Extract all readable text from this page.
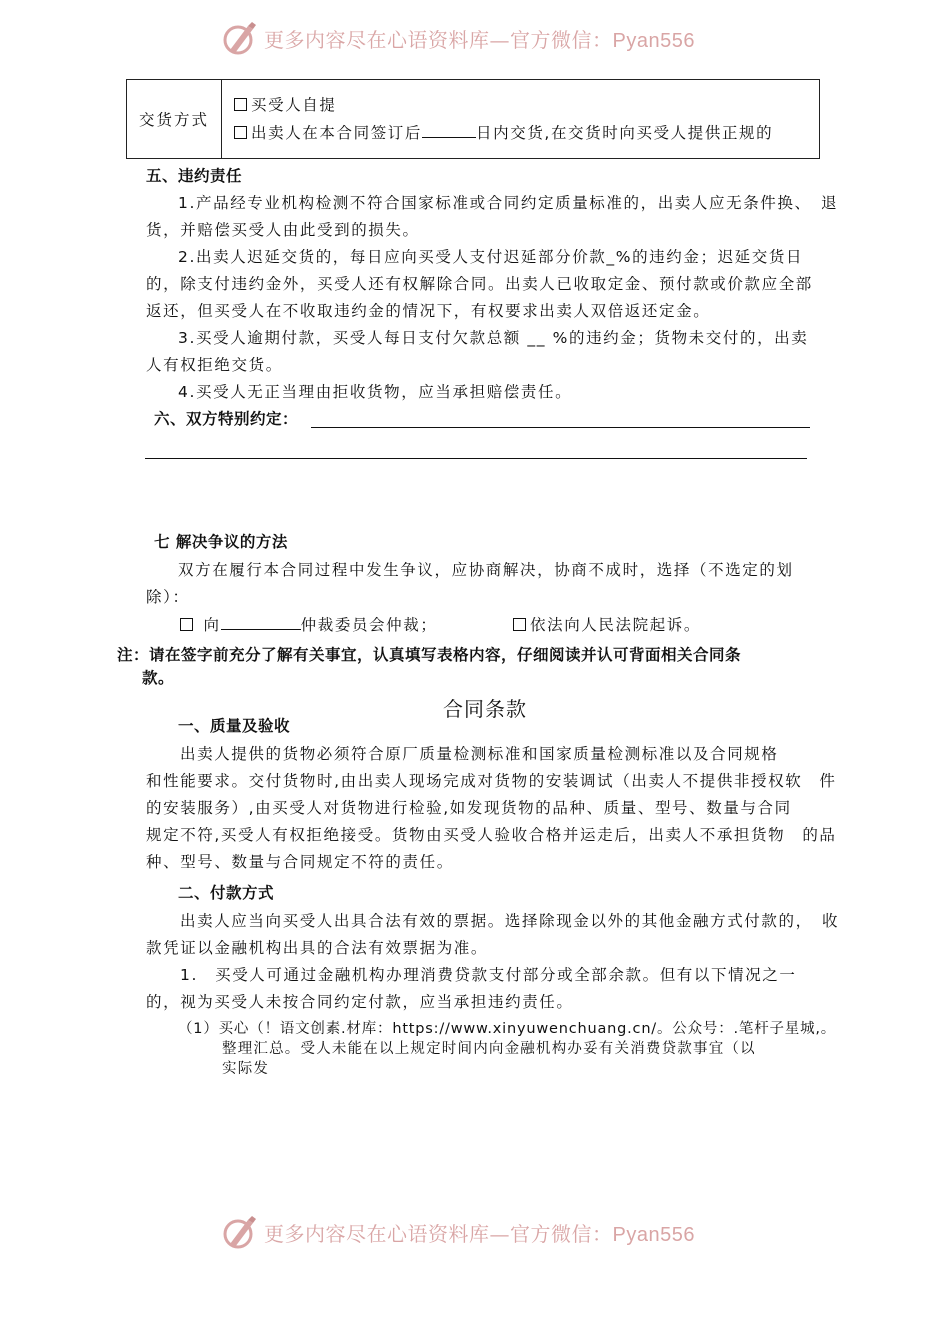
更多内容尽在心语资料库—官方微信：Pyan556
交货方式	
买受人自提
出卖人在本合同签订后	日内交货,在交货时向买受人提供正规的
五、违约责任
1.产品经专业机构检测不符合国家标准或合同约定质量标准的，出卖人应无条件换、　退
货，并赔偿买受人由此受到的损失。
2.出卖人迟延交货的，每日应向买受人支付迟延部分价款_%的违约金；迟延交货日
的，除支付违约金外，买受人还有权解除合同。出卖人已收取定金、预付款或价款应全部
返还，但买受人在不收取违约金的情况下，有权要求出卖人双倍返还定金。
3.买受人逾期付款，买受人每日支付欠款总额 __ %的违约金；货物未交付的，出卖
人有权拒绝交货。
4.买受人无正当理由拒收货物，应当承担赔偿责任。
六、双方特别约定：
七 解决争议的方法
双方在履行本合同过程中发生争议，应协商解决，协商不成时，选择（不选定的划
除）：
向	仲裁委员会仲裁；	依法向人民法院起诉。
注：请在签字前充分了解有关事宜，认真填写表格内容，仔细阅读并认可背面相关合同条
款。
合同条款
一、质量及验收
出卖人提供的货物必须符合原厂质量检测标准和国家质量检测标准以及合同规格
和性能要求。交付货物时,由出卖人现场完成对货物的安装调试（出卖人不提供非授权软　件
的安装服务）,由买受人对货物进行检验,如发现货物的品种、质量、型号、数量与合同
规定不符,买受人有权拒绝接受。货物由买受人验收合格并运走后，出卖人不承担货物　的品
种、型号、数量与合同规定不符的责任。
二、付款方式
出卖人应当向买受人出具合法有效的票据。选择除现金以外的其他金融方式付款的，　收
款凭证以金融机构出具的合法有效票据为准。
1.　买受人可通过金融机构办理消费贷款支付部分或全部余款。但有以下情况之一
的，视为买受人未按合同约定付款，应当承担违约责任。
（1）买心（！语文创素.材库：https://www.xinyuwenchuang.cn/。公众号：.笔杆子星城,。
整理汇总。受人未能在以上规定时间内向金融机构办妥有关消费贷款事宜（以
实际发
更多内容尽在心语资料库—官方微信：Pyan556
